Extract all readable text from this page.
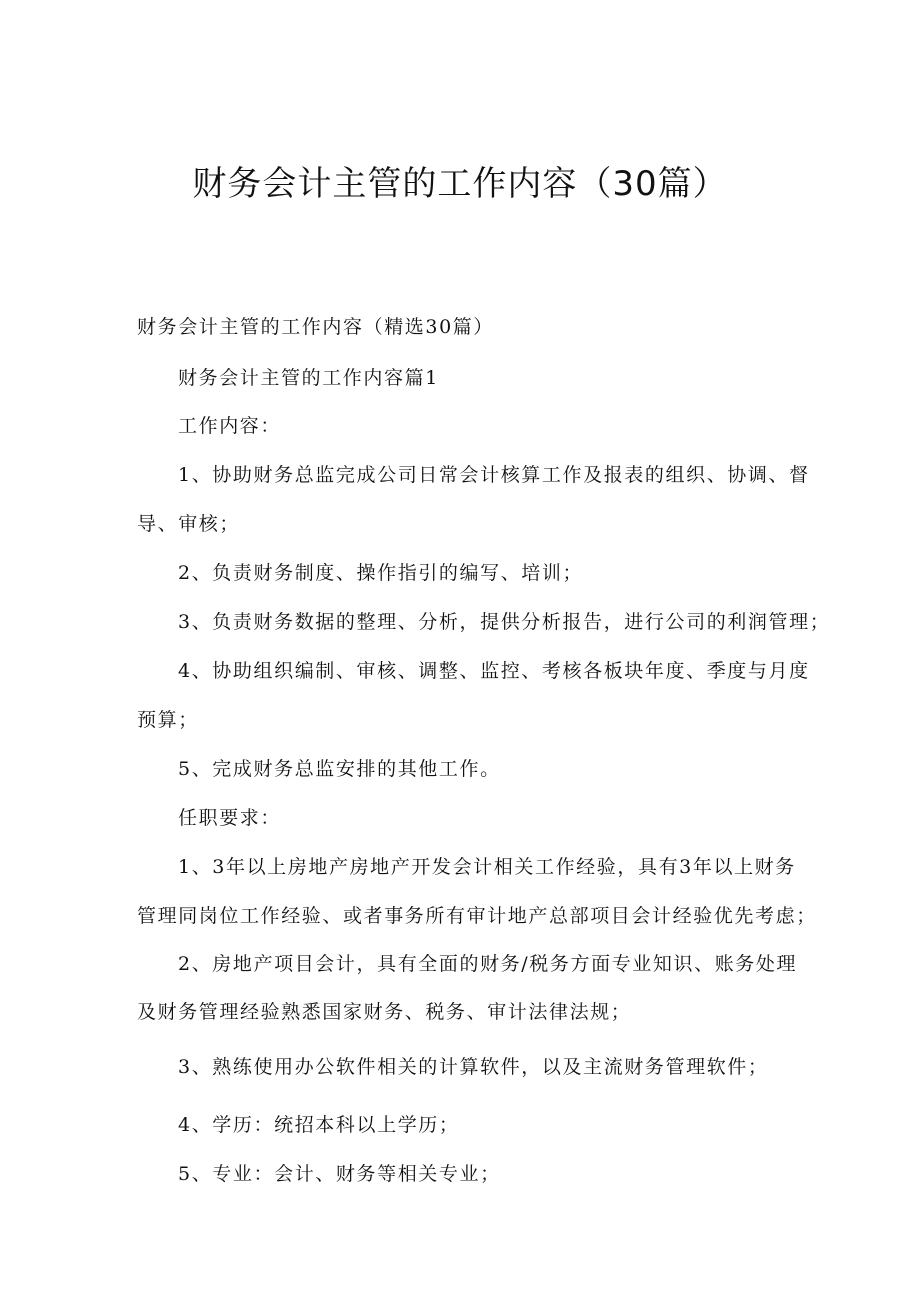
财务会计主管的工作内容（30篇）

财务会计主管的工作内容（精选30篇）

财务会计主管的工作内容篇1

工作内容：

1、协助财务总监完成公司日常会计核算工作及报表的组织、协调、督

导、审核；

2、负责财务制度、操作指引的编写、培训；

3、负责财务数据的整理、分析，提供分析报告，进行公司的利润管理；

4、协助组织编制、审核、调整、监控、考核各板块年度、季度与月度

预算；

5、完成财务总监安排的其他工作。

任职要求：

1、3年以上房地产房地产开发会计相关工作经验，具有3年以上财务

管理同岗位工作经验、或者事务所有审计地产总部项目会计经验优先考虑；

2、房地产项目会计，具有全面的财务/税务方面专业知识、账务处理

及财务管理经验熟悉国家财务、税务、审计法律法规；

3、熟练使用办公软件相关的计算软件，以及主流财务管理软件；

4、学历：统招本科以上学历；

5、专业：会计、财务等相关专业；
